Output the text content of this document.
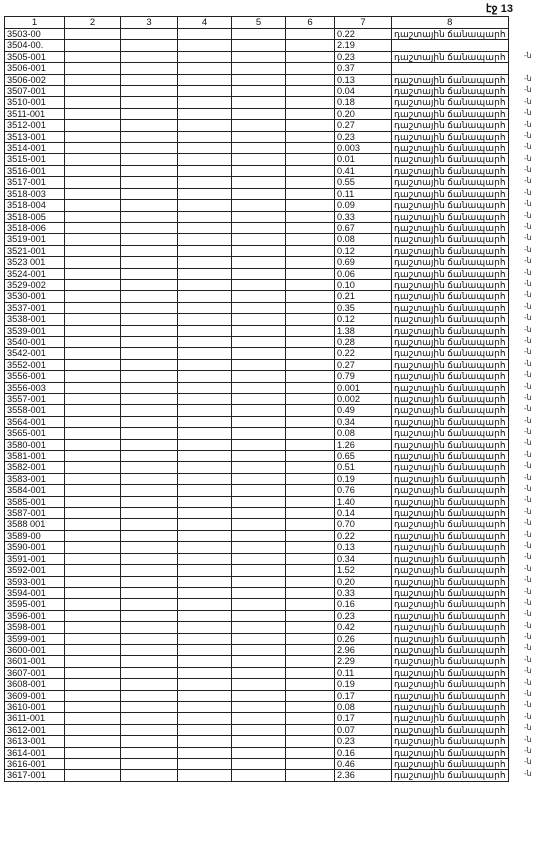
էջ 13
1	2	3	4	5	6	7	8
3503-00						0.22	դաշտային ճանապարհ
3504-00.						2.19	
3505-001						0.23	դաշտային ճանապարհ
3506-001						0.37	
3506-002						0.13	դաշտային ճանապարհ
3507-001						0.04	դաշտային ճանապարհ
3510-001						0.18	դաշտային ճանապարհ
3511-001						0.20	դաշտային ճանապարհ
3512-001						0.27	դաշտային ճանապարհ
3513-001						0.23	դաշտային ճանապարհ
3514-001						0.003	դաշտային ճանապարհ
3515-001						0.01	դաշտային ճանապարհ
3516-001						0.41	դաշտային ճանապարհ
3517-001						0.55	դաշտային ճանապարհ
3518-003						0.11	դաշտային ճանապարհ
3518-004						0.09	դաշտային ճանապարհ
3518-005						0.33	դաշտային ճանապարհ
3518-006						0.67	դաշտային ճանապարհ
3519-001						0.08	դաշտային ճանապարհ
3521-001						0.12	դաշտային ճանապարհ
3523 001						0.69	դաշտային ճանապարհ
3524-001						0.06	դաշտային ճանապարհ
3529-002						0.10	դաշտային ճանապարհ
3530-001						0.21	դաշտային ճանապարհ
3537-001						0.35	դաշտային ճանապարհ
3538-001						0.12	դաշտային ճանապարհ
3539-001						1.38	դաշտային ճանապարհ
3540-001						0.28	դաշտային ճանապարհ
3542-001						0.22	դաշտային ճանապարհ
3552-001						0.27	դաշտային ճանապարհ
3556-001						0.79	դաշտային ճանապարհ
3556-003						0.001	դաշտային ճանապարհ
3557-001						0.002	դաշտային ճանապարհ
3558-001						0.49	դաշտային ճանապարհ
3564-001						0.34	դաշտային ճանապարհ
3565-001						0.08	դաշտային ճանապարհ
3580-001						1.26	դաշտային ճանապարհ
3581-001						0.65	դաշտային ճանապարհ
3582-001						0.51	դաշտային ճանապարհ
3583-001						0.19	դաշտային ճանապարհ
3584-001						0.76	դաշտային ճանապարհ
3585-001						1.40	դաշտային ճանապարհ
3587-001						0.14	դաշտային ճանապարհ
3588 001						0.70	դաշտային ճանապարհ
3589-00						0.22	դաշտային ճանապարհ
3590-001						0.13	դաշտային ճանապարհ
3591-001						0.34	դաշտային ճանապարհ
3592-001						1.52	դաշտային ճանապարհ
3593-001						0.20	դաշտային ճանապարհ
3594-001						0.33	դաշտային ճանապարհ
3595-001						0.16	դաշտային ճանապարհ
3596-001						0.23	դաշտային ճանապարհ
3598-001						0.42	դաշտային ճանապարհ
3599-001						0.26	դաշտային ճանապարհ
3600-001						2.96	դաշտային ճանապարհ
3601-001						2.29	դաշտային ճանապարհ
3607-001						0.11	դաշտային ճանապարհ
3608-001						0.19	դաշտային ճանապարհ
3609-001						0.17	դաշտային ճանապարհ
3610-001						0.08	դաշտային ճանապարհ
3611-001						0.17	դաշտային ճանապարհ
3612-001						0.07	դաշտային ճանապարհ
3613-001						0.23	դաշտային ճանապարհ
3614-001						0.16	դաշտային ճանապարհ
3616-001						0.46	դաշտային ճանապարհ
3617-001						2.36	դաշտային ճանապարհ
-ն
-ն
-ն
-ն
-ն
-ն
-ն
-ն
-ն
-ն
-ն
-ն
-ն
-ն
-ն
-ն
-ն
-ն
-ն
-ն
-ն
-ն
-ն
-ն
-ն
-ն
-ն
-ն
-ն
-ն
-ն
-ն
-ն
-ն
-ն
-ն
-ն
-ն
-ն
-ն
-ն
-ն
-ն
-ն
-ն
-ն
-ն
-ն
-ն
-ն
-ն
-ն
-ն
-ն
-ն
-ն
-ն
-ն
-ն
-ն
-ն
-ն
-ն
